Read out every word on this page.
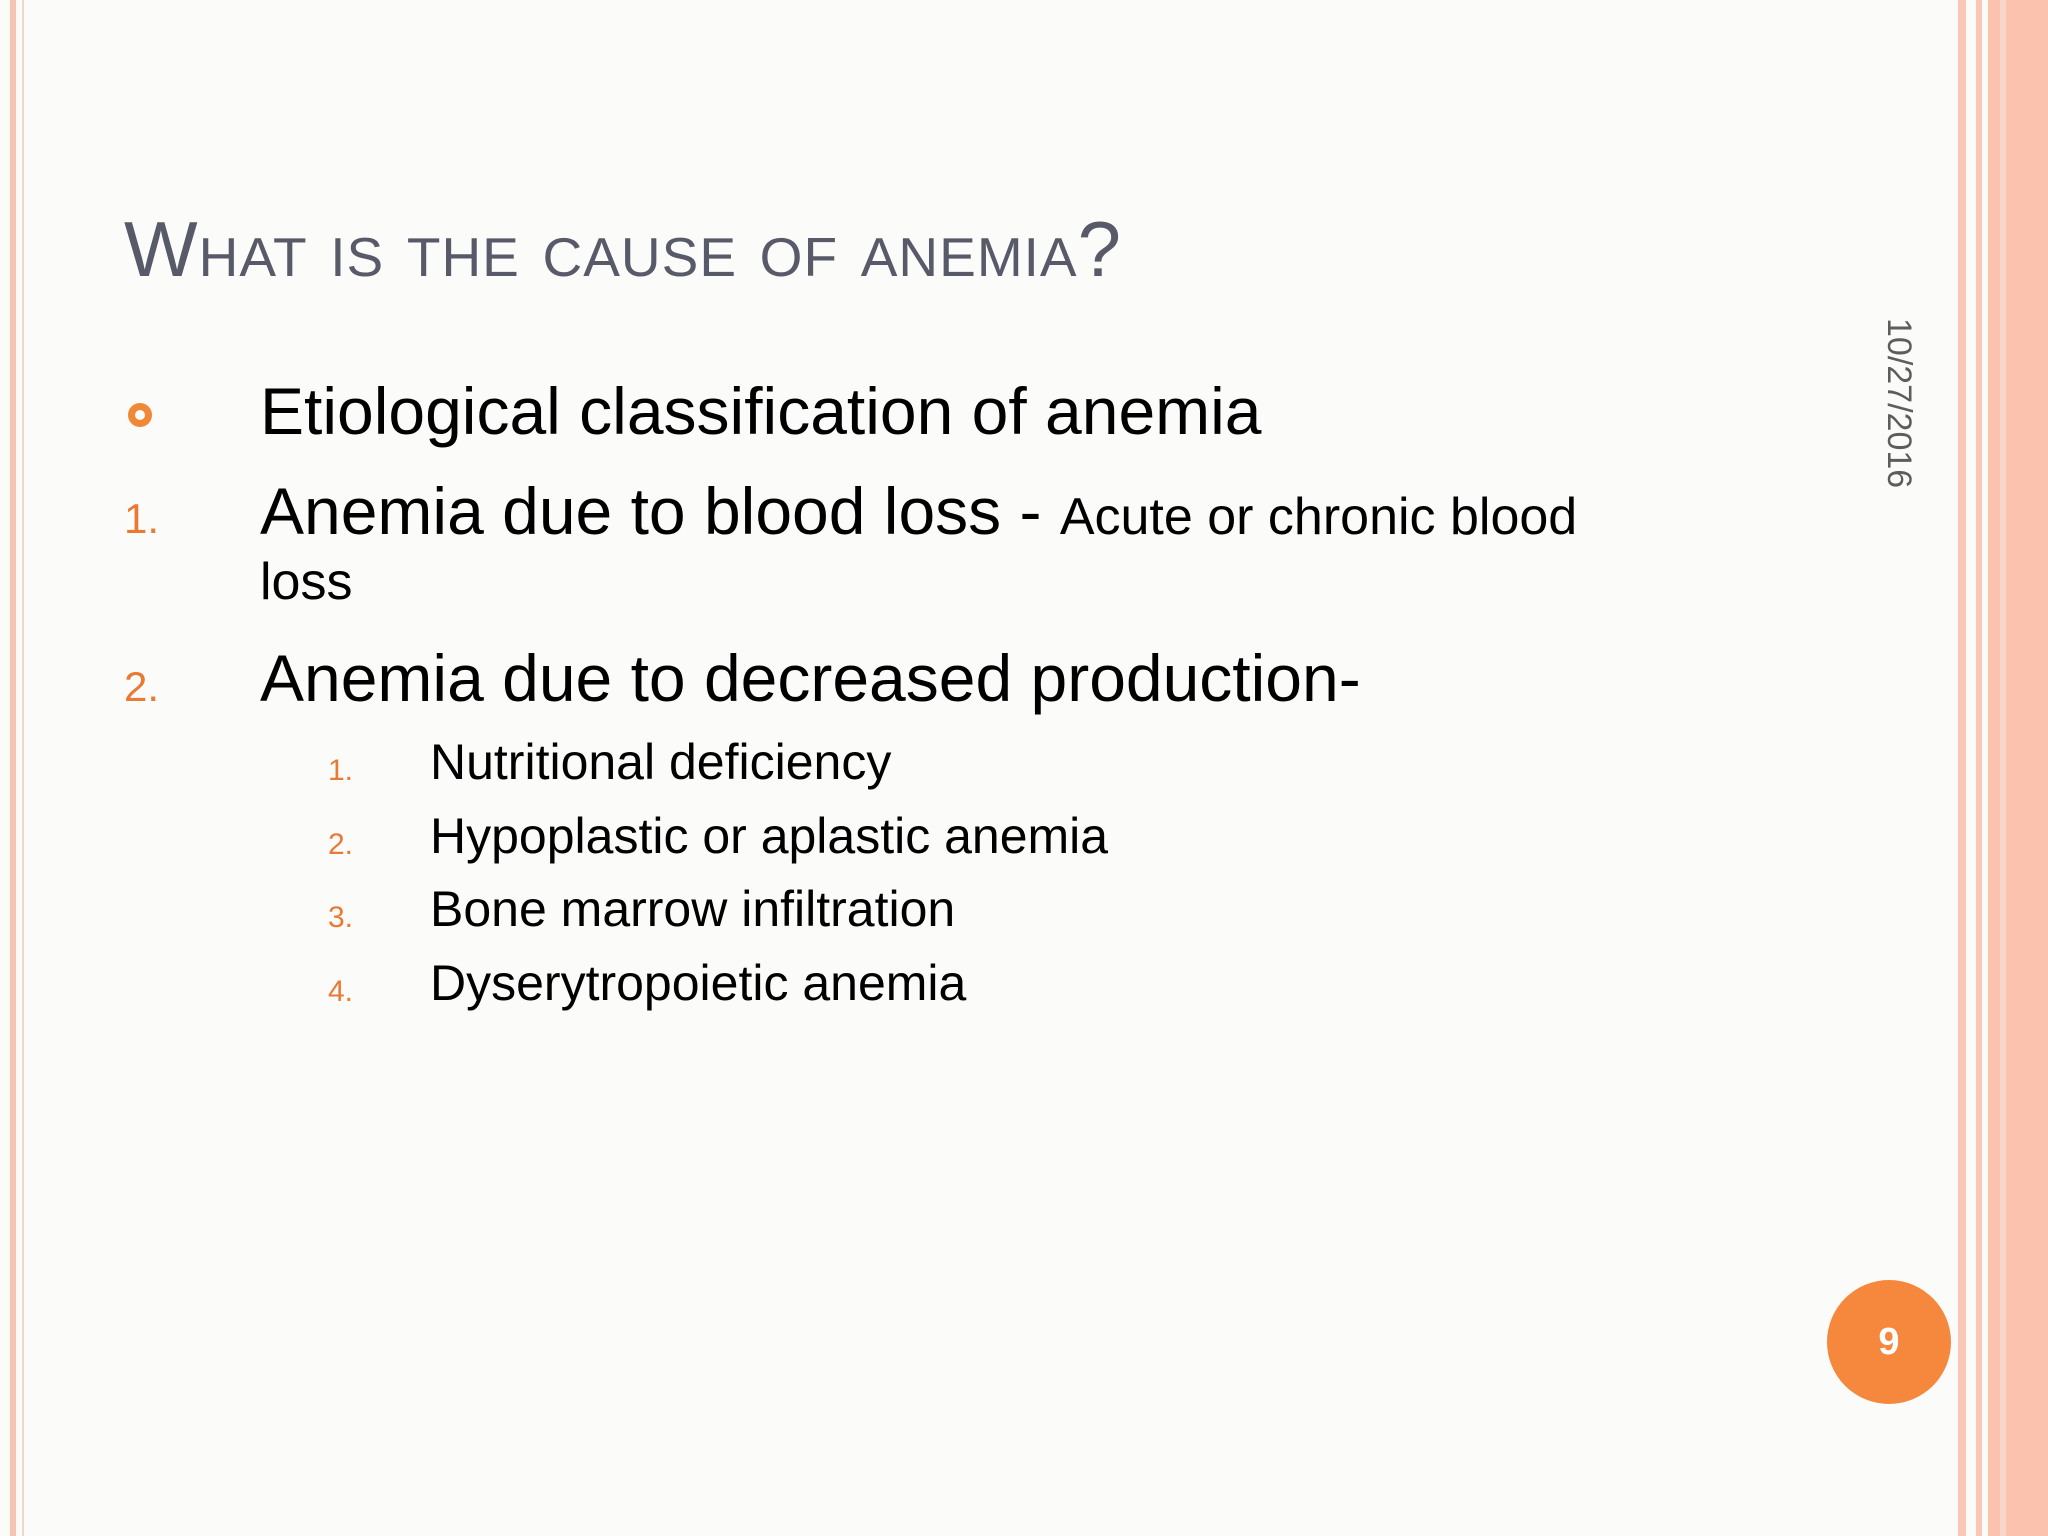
What is the cause of anemia?
10/27/2016
Etiological classification of anemia
1. Anemia due to blood loss - Acute or chronic blood
loss
2. Anemia due to decreased production-
1. Nutritional deficiency
2. Hypoplastic or aplastic anemia
3. Bone marrow infiltration
4. Dyserytropoietic anemia
9
